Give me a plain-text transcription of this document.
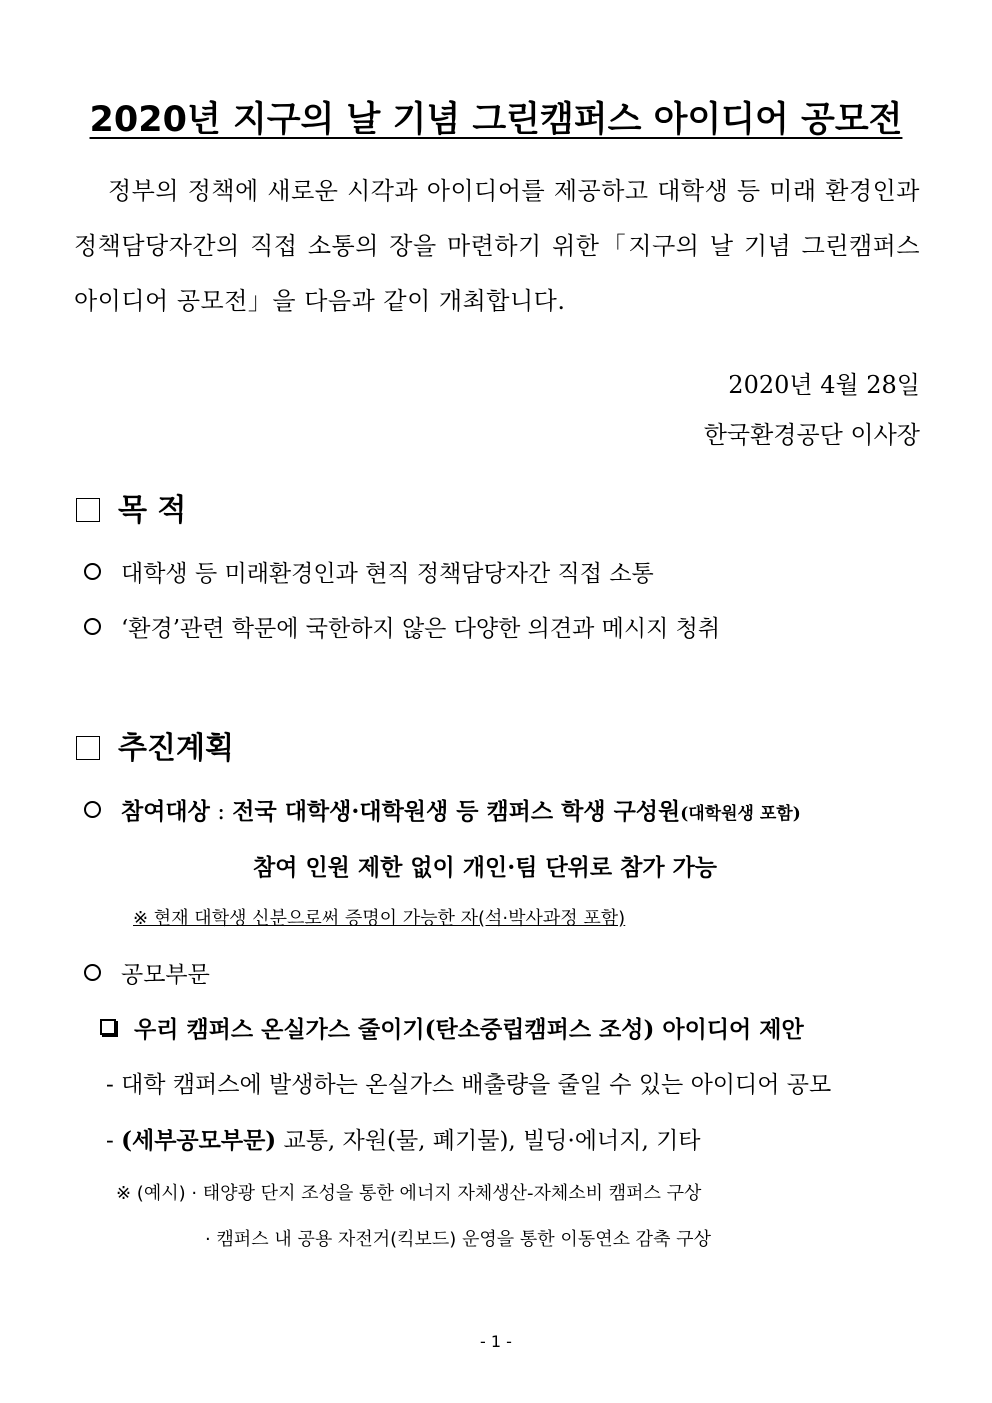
2020년 지구의 날 기념 그린캠퍼스 아이디어 공모전
정부의 정책에 새로운 시각과 아이디어를 제공하고 대학생 등 미래 환경인과 정책담당자간의 직접 소통의 장을 마련하기 위한「지구의 날 기념 그린캠퍼스 아이디어 공모전」을 다음과 같이 개최합니다.
2020년 4월 28일
한국환경공단 이사장
목 적
대학생 등 미래환경인과 현직 정책담당자간 직접 소통
‘환경’관련 학문에 국한하지 않은 다양한 의견과 메시지 청취
추진계획
참여대상 : 전국 대학생·대학원생 등 캠퍼스 학생 구성원(대학원생 포함)
참여 인원 제한 없이 개인·팀 단위로 참가 가능
※ 현재 대학생 신분으로써 증명이 가능한 자(석·박사과정 포함)
공모부문
우리 캠퍼스 온실가스 줄이기(탄소중립캠퍼스 조성) 아이디어 제안
- 대학 캠퍼스에 발생하는 온실가스 배출량을 줄일 수 있는 아이디어 공모
- (세부공모부문) 교통, 자원(물, 폐기물), 빌딩·에너지, 기타
※ (예시) · 태양광 단지 조성을 통한 에너지 자체생산-자체소비 캠퍼스 구상
· 캠퍼스 내 공용 자전거(킥보드) 운영을 통한 이동연소 감축 구상
- 1 -
